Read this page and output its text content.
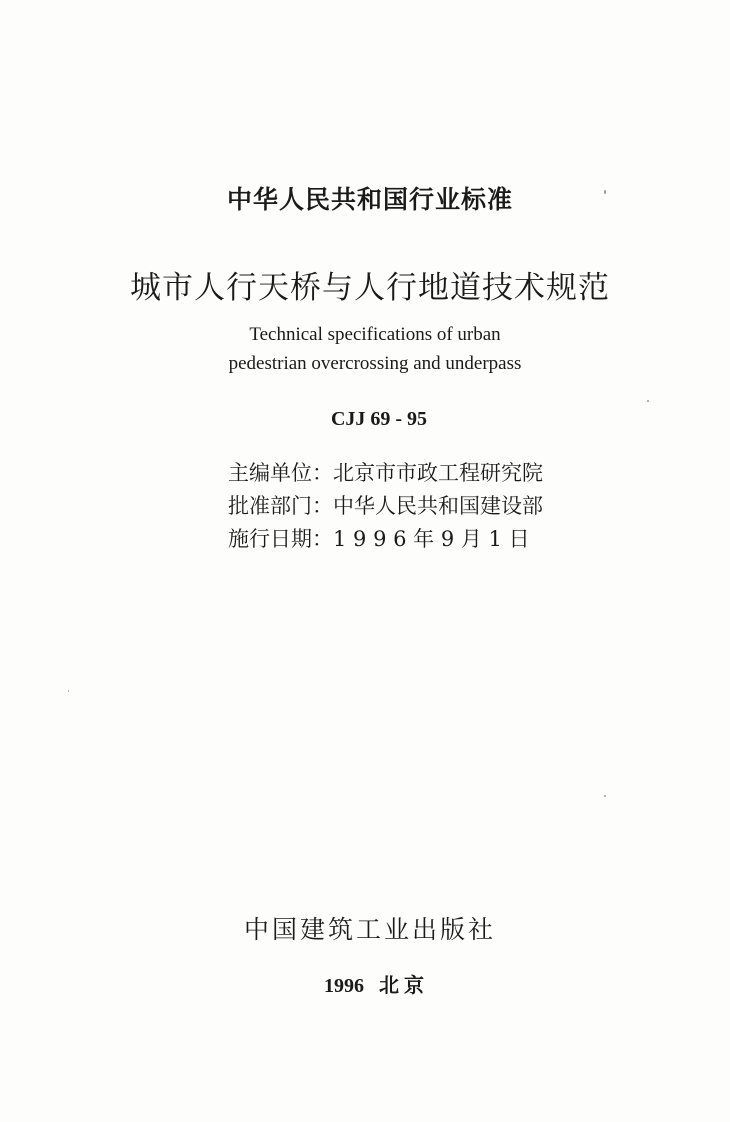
中华人民共和国行业标准
城市人行天桥与人行地道技术规范
Technical specifications of urban
pedestrian overcrossing and underpass
CJJ 69 - 95
主编单位：北京市市政工程研究院
批准部门：中华人民共和国建设部
施行日期：1 9 9 6 年 9 月 1 日
中国建筑工业出版社
1996 北 京
